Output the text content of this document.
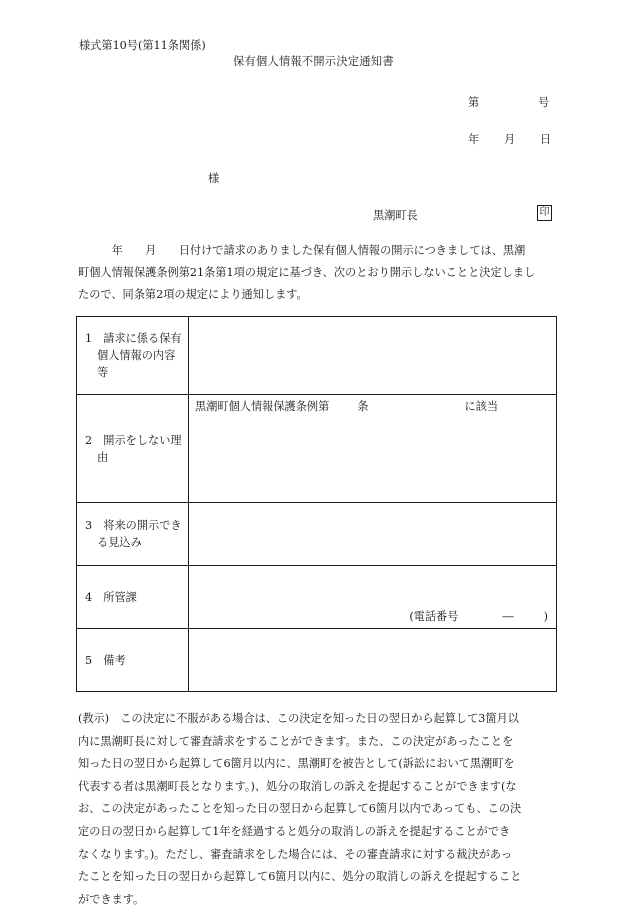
様式第10号(第11条関係)
保有個人情報不開示決定通知書
第	号
年 月 日
様
黒潮町長	印
　　　年　　月　　日付けで請求のありました保有個人情報の開示につきましては、黒潮
町個人情報保護条例第21条第1項の規定に基づき、次のとおり開示しないことと決定しまし
たので、同条第2項の規定により通知します。
1　請求に係る保有
個人情報の内容
等	

2　開示をしない理
由	黒潮町個人情報保護条例第 条 に該当

3　将来の開示でき
る見込み	

4　所管課	(電話番号 ― )

5　備考	

(教示)　この決定に不服がある場合は、この決定を知った日の翌日から起算して3箇月以
内に黒潮町長に対して審査請求をすることができます。また、この決定があったことを
知った日の翌日から起算して6箇月以内に、黒潮町を被告として(訴訟において黒潮町を
代表する者は黒潮町長となります。)、処分の取消しの訴えを提起することができます(な
お、この決定があったことを知った日の翌日から起算して6箇月以内であっても、この決
定の日の翌日から起算して1年を経過すると処分の取消しの訴えを提起することができ
なくなります。)。ただし、審査請求をした場合には、その審査請求に対する裁決があっ
たことを知った日の翌日から起算して6箇月以内に、処分の取消しの訴えを提起すること
ができます。
